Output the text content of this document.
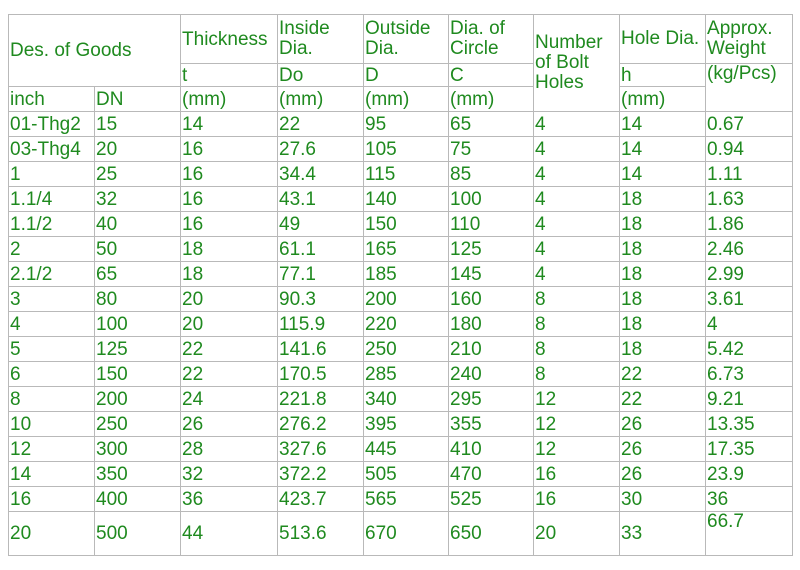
Des. of Goods		Thickness	Inside Dia.	Outside Dia.	Dia. of Circle	Number of Bolt Holes	Hole Dia.	Approx. Weight
		t	Do	D	C		h	(kg/Pcs)
inch	DN	(mm)	(mm)	(mm)	(mm)		(mm)	
01-Thg2	15	14	22	95	65	4	14	0.67
03-Thg4	20	16	27.6	105	75	4	14	0.94
1	25	16	34.4	115	85	4	14	1.11
1.1/4	32	16	43.1	140	100	4	18	1.63
1.1/2	40	16	49	150	110	4	18	1.86
2	50	18	61.1	165	125	4	18	2.46
2.1/2	65	18	77.1	185	145	4	18	2.99
3	80	20	90.3	200	160	8	18	3.61
4	100	20	115.9	220	180	8	18	4
5	125	22	141.6	250	210	8	18	5.42
6	150	22	170.5	285	240	8	22	6.73
8	200	24	221.8	340	295	12	22	9.21
10	250	26	276.2	395	355	12	26	13.35
12	300	28	327.6	445	410	12	26	17.35
14	350	32	372.2	505	470	16	26	23.9
16	400	36	423.7	565	525	16	30	36
20	500	44	513.6	670	650	20	33	66.7
